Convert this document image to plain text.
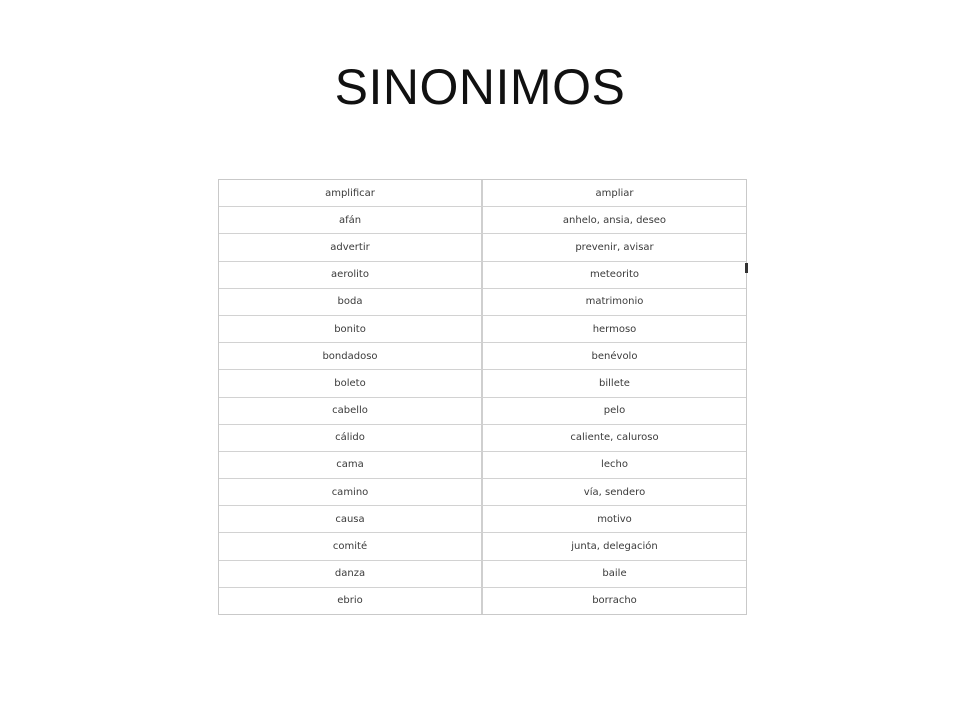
SINONIMOS
amplificar	ampliar
afán	anhelo, ansia, deseo
advertir	prevenir, avisar
aerolito	meteorito
boda	matrimonio
bonito	hermoso
bondadoso	benévolo
boleto	billete
cabello	pelo
cálido	caliente, caluroso
cama	lecho
camino	vía, sendero
causa	motivo
comité	junta, delegación
danza	baile
ebrio	borracho
